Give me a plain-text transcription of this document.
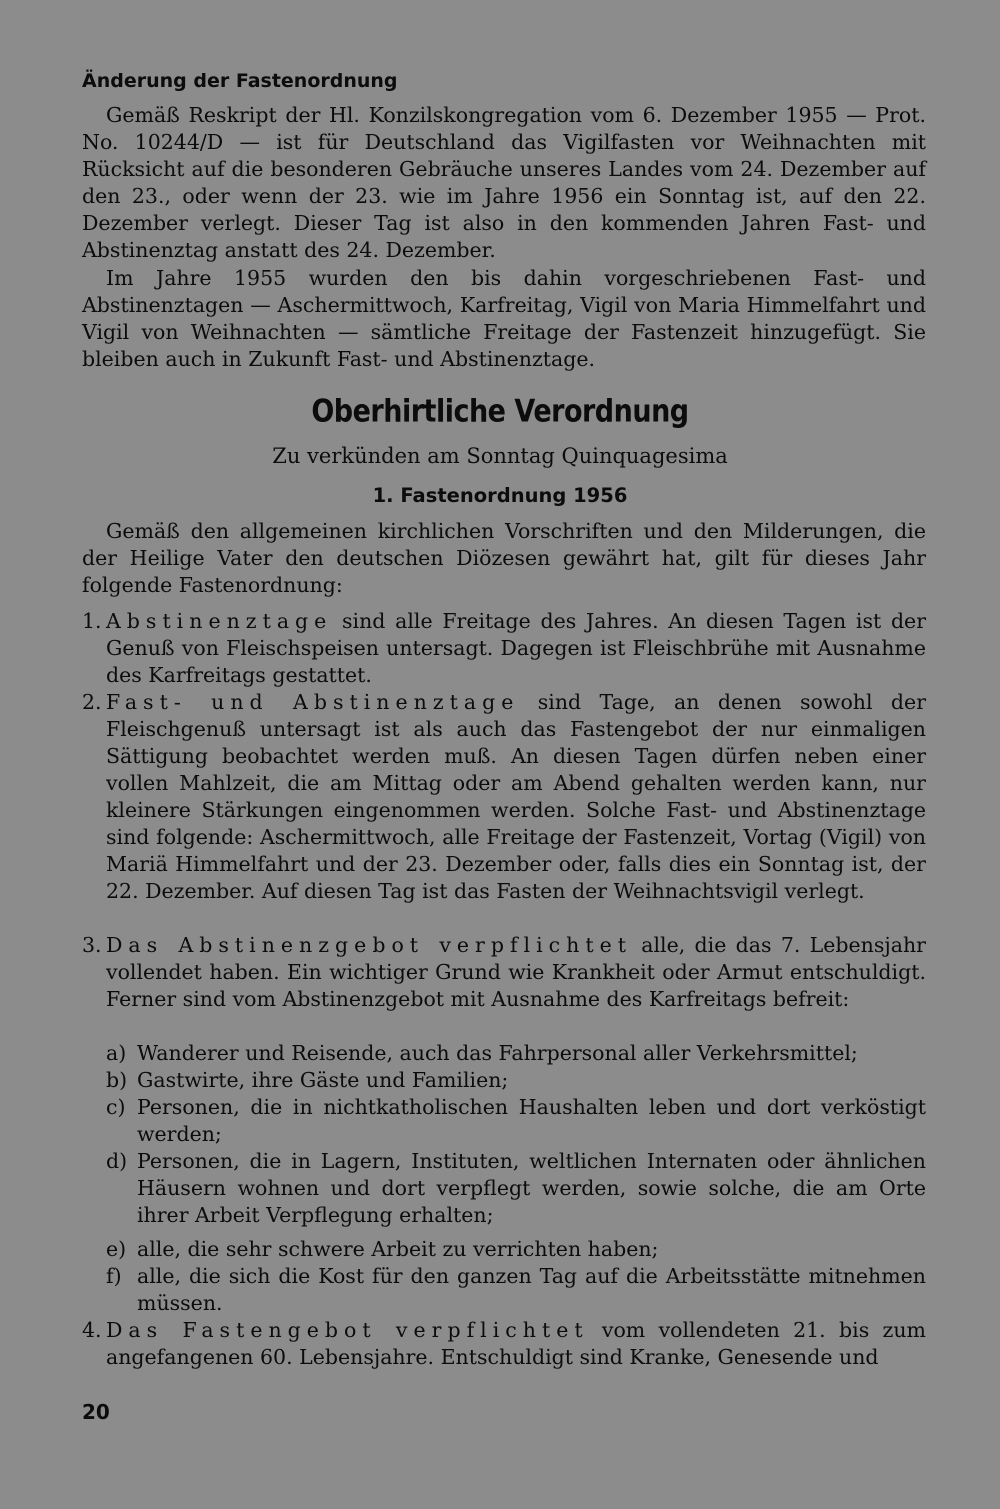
Änderung der Fastenordnung

Gemäß Reskript der Hl. Konzilskongregation vom 6. Dezember 1955 — Prot. No. 10244/D — ist für Deutschland das Vigilfasten vor Weihnachten mit Rücksicht auf die besonderen Gebräuche unseres Landes vom 24. Dezember auf den 23., oder wenn der 23. wie im Jahre 1956 ein Sonntag ist, auf den 22. Dezember verlegt. Dieser Tag ist also in den kommenden Jahren Fast- und Abstinenztag anstatt des 24. Dezember.

Im Jahre 1955 wurden den bis dahin vorgeschriebenen Fast- und Abstinenztagen — Aschermittwoch, Karfreitag, Vigil von Maria Himmelfahrt und Vigil von Weihnachten — sämtliche Freitage der Fastenzeit hinzugefügt. Sie bleiben auch in Zukunft Fast- und Abstinenztage.

Oberhirtliche Verordnung
Zu verkünden am Sonntag Quinquagesima
1. Fastenordnung 1956

Gemäß den allgemeinen kirchlichen Vorschriften und den Milderungen, die der Heilige Vater den deutschen Diözesen gewährt hat, gilt für dieses Jahr folgende Fastenordnung:

1. Abstinenztage sind alle Freitage des Jahres. An diesen Tagen ist der Genuß von Fleischspeisen untersagt. Dagegen ist Fleischbrühe mit Ausnahme des Karfreitags gestattet.
2. Fast- und Abstinenztage sind Tage, an denen sowohl der Fleischgenuß untersagt ist als auch das Fastengebot der nur einmaligen Sättigung beobachtet werden muß. An diesen Tagen dürfen neben einer vollen Mahlzeit, die am Mittag oder am Abend gehalten werden kann, nur kleinere Stärkungen eingenommen werden. Solche Fast- und Abstinenztage sind folgende: Aschermittwoch, alle Freitage der Fastenzeit, Vortag (Vigil) von Mariä Himmelfahrt und der 23. Dezember oder, falls dies ein Sonntag ist, der 22. Dezember. Auf diesen Tag ist das Fasten der Weihnachtsvigil verlegt.
3. Das Abstinenzgebot verpflichtet alle, die das 7. Lebensjahr vollendet haben. Ein wichtiger Grund wie Krankheit oder Armut entschuldigt. Ferner sind vom Abstinenzgebot mit Ausnahme des Karfreitags befreit:
a) Wanderer und Reisende, auch das Fahrpersonal aller Verkehrsmittel;
b) Gastwirte, ihre Gäste und Familien;
c) Personen, die in nichtkatholischen Haushalten leben und dort verköstigt werden;
d) Personen, die in Lagern, Instituten, weltlichen Internaten oder ähnlichen Häusern wohnen und dort verpflegt werden, sowie solche, die am Orte ihrer Arbeit Verpflegung erhalten;
e) alle, die sehr schwere Arbeit zu verrichten haben;
f) alle, die sich die Kost für den ganzen Tag auf die Arbeitsstätte mitnehmen müssen.
4. Das Fastengebot verpflichtet vom vollendeten 21. bis zum angefangenen 60. Lebensjahre. Entschuldigt sind Kranke, Genesende und
20
